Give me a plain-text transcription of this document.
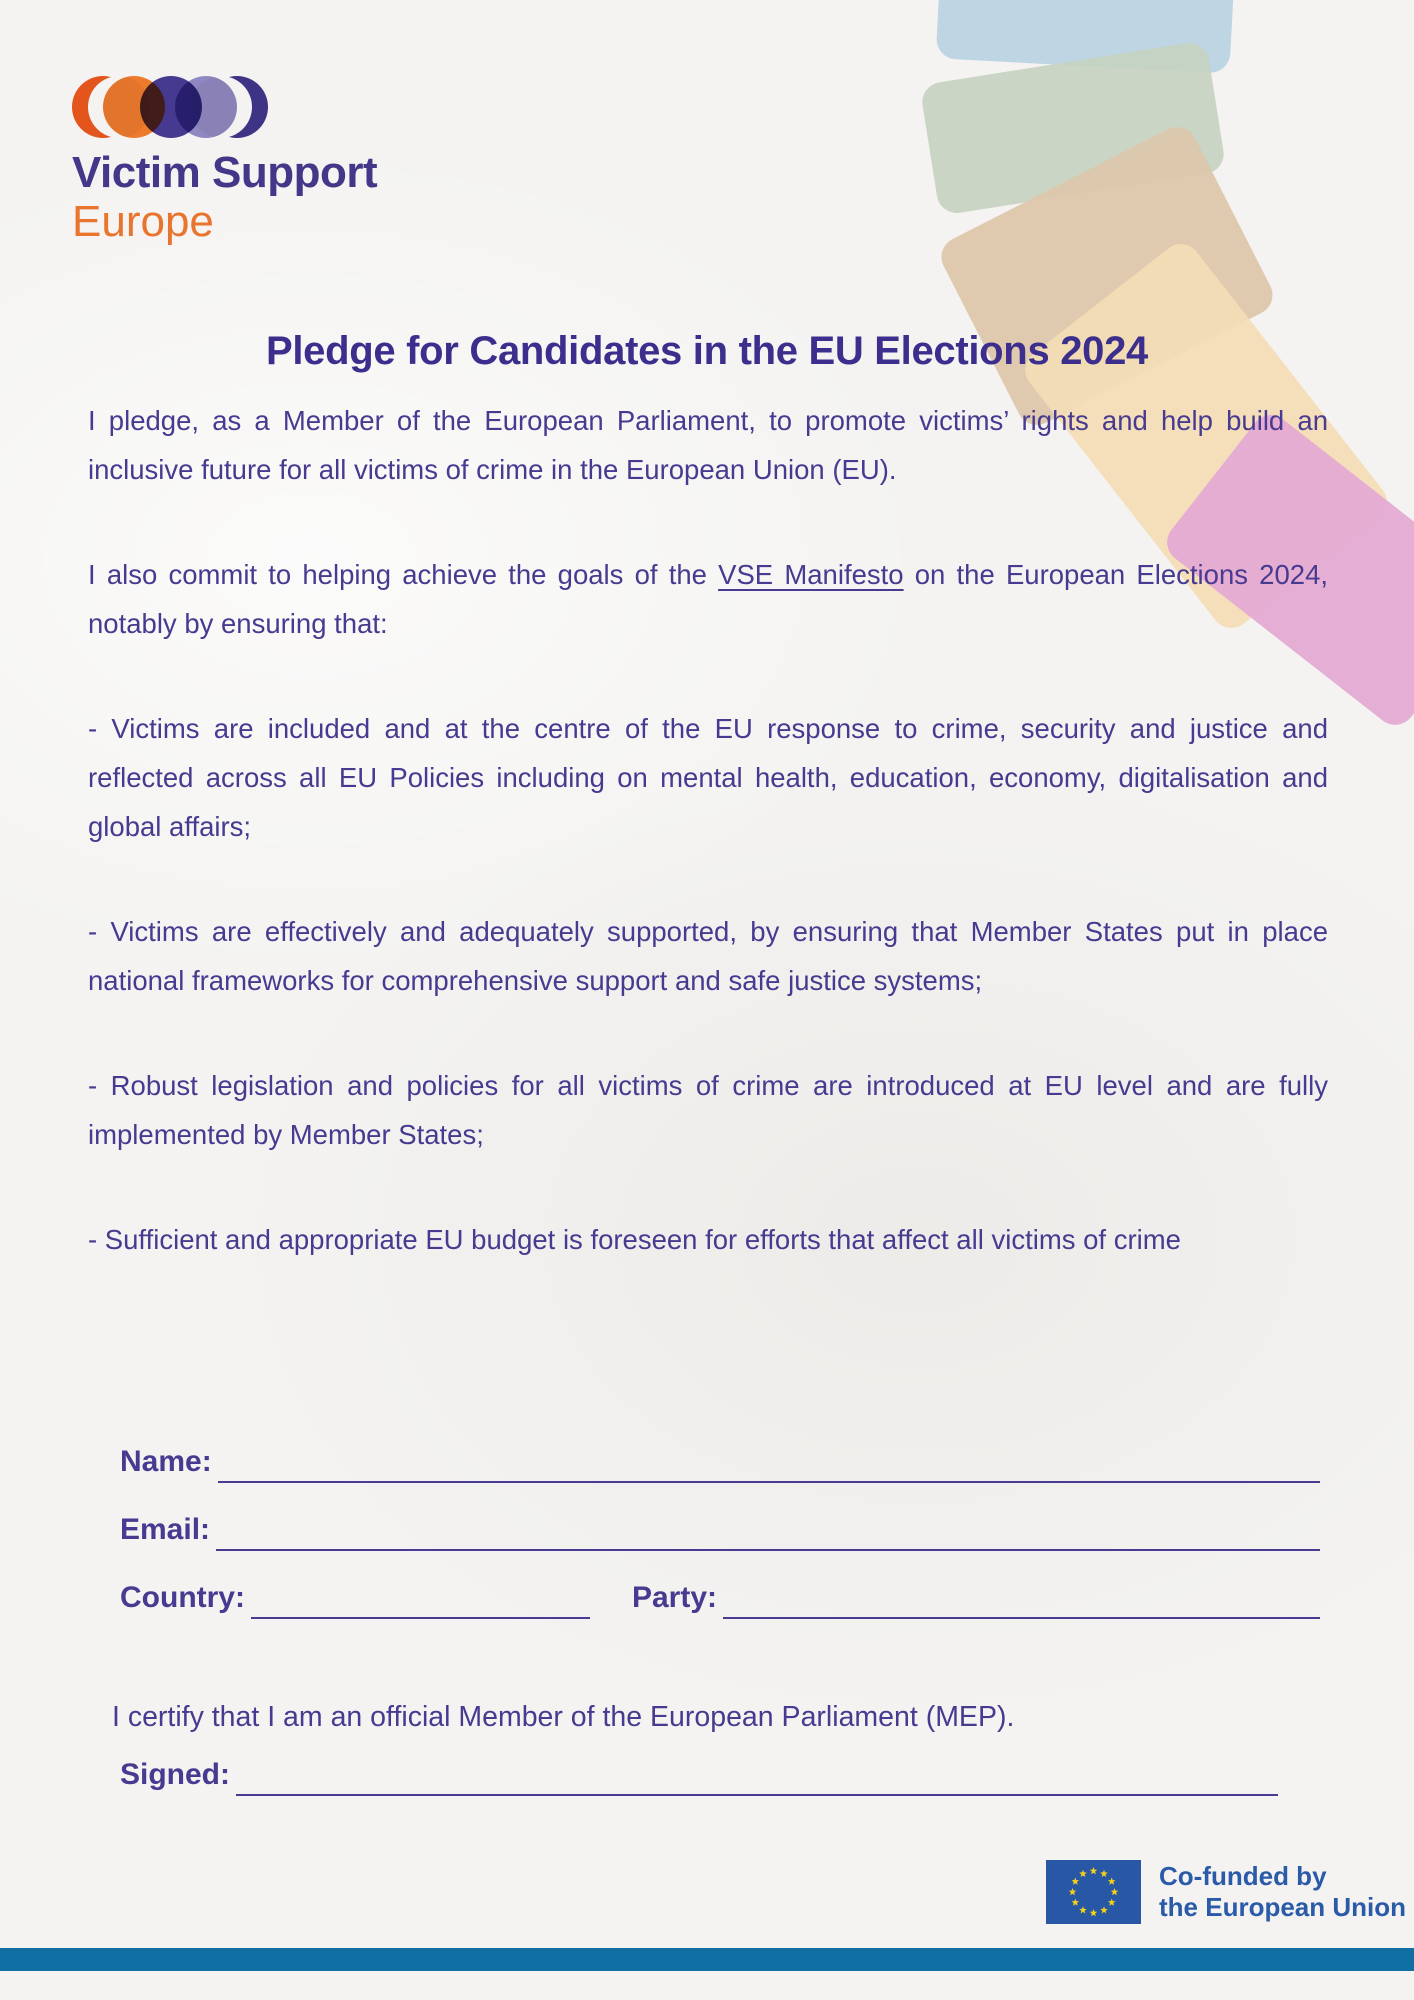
Victim Support
Europe
Pledge for Candidates in the EU Elections 2024

I pledge, as a Member of the European Parliament, to promote victims’ rights and help build an inclusive future for all victims of crime in the European Union (EU).

I also commit to helping achieve the goals of the VSE Manifesto on the European Elections 2024, notably by ensuring that:

- Victims are included and at the centre of the EU response to crime, security and justice and reflected across all EU Policies including on mental health, education, economy, digitalisation and global affairs;

- Victims are effectively and adequately supported, by ensuring that Member States put in place national frameworks for comprehensive support and safe justice systems;

- Robust legislation and policies for all victims of crime are introduced at EU level and are fully implemented by Member States;

- Sufficient and appropriate EU budget is foreseen for efforts that affect all victims of crime

Name:
Email:
Country:	Party:

I certify that I am an official Member of the European Parliament (MEP).

Signed:
Co-funded by
the European Union
